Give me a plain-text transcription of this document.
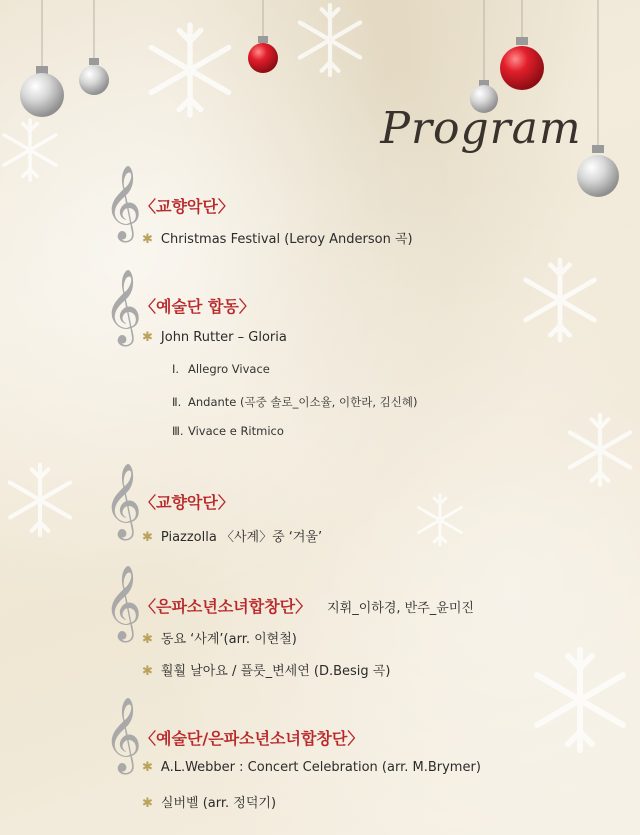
Program
𝄞
〈교향악단〉
✱ Christmas Festival (Leroy Anderson 곡)
𝄞
〈예술단 합동〉
✱ John Rutter – Gloria
Ⅰ. Allegro Vivace
Ⅱ. Andante (곡중 솔로_이소율, 이한라, 김신혜)
Ⅲ. Vivace e Ritmico
𝄞
〈교향악단〉
✱ Piazzolla 〈사계〉중 ‘겨울’
𝄞
〈은파소년소녀합창단〉 지휘_이하경, 반주_윤미진
✱ 동요 ‘사계’(arr. 이현철)
✱ 훨훨 날아요 / 플룻_변세연 (D.Besig 곡)
𝄞
〈예술단/은파소년소녀합창단〉
✱ A.L.Webber : Concert Celebration (arr. M.Brymer)
✱ 실버벨 (arr. 정덕기)
